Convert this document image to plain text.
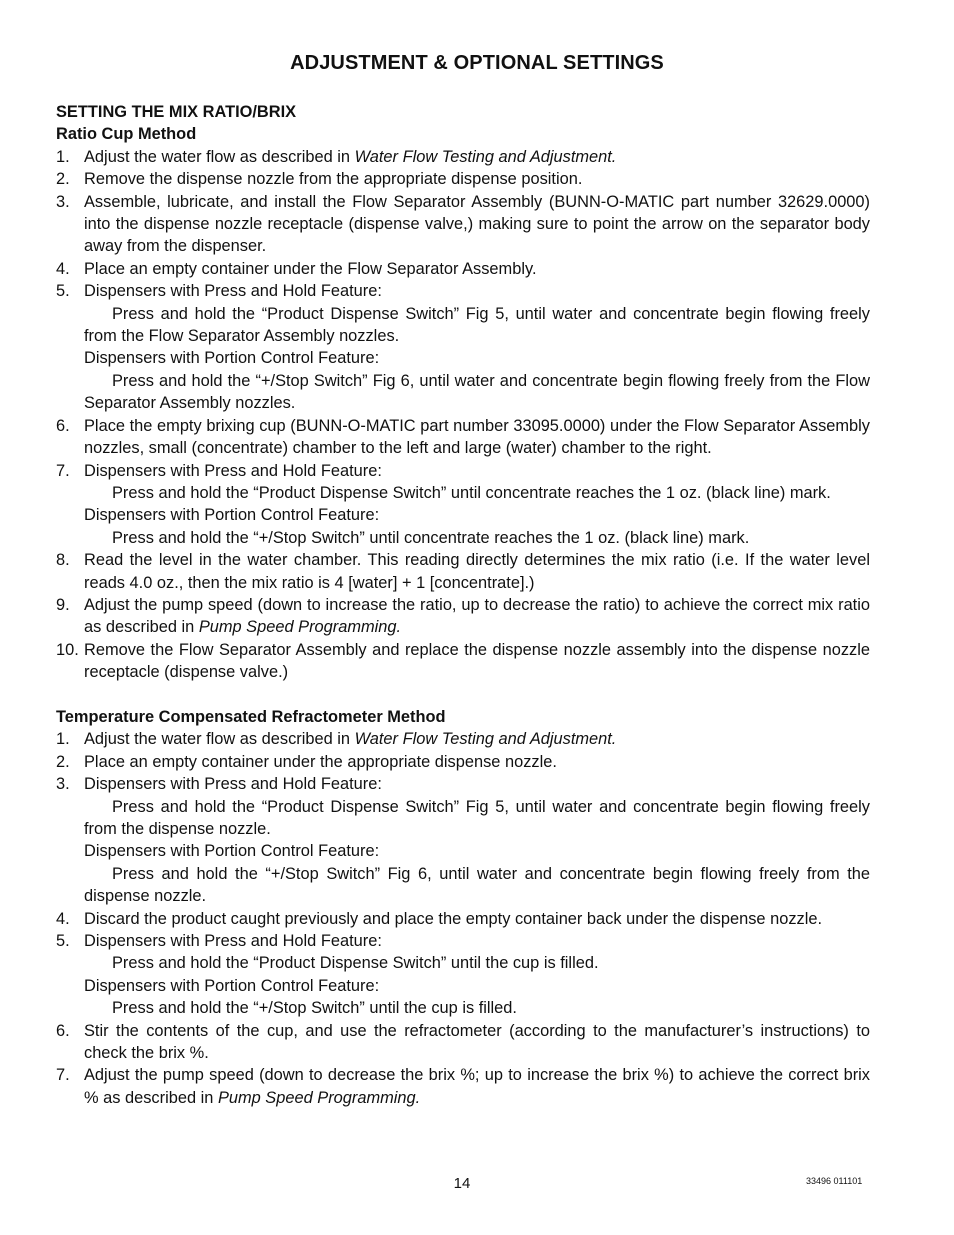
ADJUSTMENT & OPTIONAL SETTINGS
SETTING THE MIX RATIO/BRIX
Ratio Cup Method
1. Adjust the water flow as described in Water Flow Testing and Adjustment.
2. Remove the dispense nozzle from the appropriate dispense position.
3. Assemble, lubricate, and install the Flow Separator Assembly (BUNN-O-MATIC part number 32629.0000) into the dispense nozzle receptacle (dispense valve,) making sure to point the arrow on the separator body away from the dispenser.
4. Place an empty container under the Flow Separator Assembly.
5. Dispensers with Press and Hold Feature:
Press and hold the “Product Dispense Switch” Fig 5, until water and concentrate begin flowing freely from the Flow Separator Assembly nozzles.
Dispensers with Portion Control Feature:
Press and hold the “+/Stop Switch” Fig 6, until water and concentrate begin flowing freely from the Flow Separator Assembly nozzles.
6. Place the empty brixing cup (BUNN-O-MATIC part number 33095.0000) under the Flow Separator Assembly nozzles, small (concentrate) chamber to the left and large (water) chamber to the right.
7. Dispensers with Press and Hold Feature:
Press and hold the “Product Dispense Switch” until concentrate reaches the 1 oz. (black line) mark.
Dispensers with Portion Control Feature:
Press and hold the “+/Stop Switch” until concentrate reaches the 1 oz. (black line) mark.
8. Read the level in the water chamber. This reading directly determines the mix ratio (i.e. If the water level reads 4.0 oz., then the mix ratio is 4 [water] + 1 [concentrate].)
9. Adjust the pump speed (down to increase the ratio, up to decrease the ratio) to achieve the correct mix ratio as described in Pump Speed Programming.
10. Remove the Flow Separator Assembly and replace the dispense nozzle assembly into the dispense nozzle receptacle (dispense valve.)
Temperature Compensated Refractometer Method
1. Adjust the water flow as described in Water Flow Testing and Adjustment.
2. Place an empty container under the appropriate dispense nozzle.
3. Dispensers with Press and Hold Feature:
Press and hold the “Product Dispense Switch” Fig 5, until water and concentrate begin flowing freely from the dispense nozzle.
Dispensers with Portion Control Feature:
Press and hold the “+/Stop Switch” Fig 6, until water and concentrate begin flowing freely from the dispense nozzle.
4. Discard the product caught previously and place the empty container back under the dispense nozzle.
5. Dispensers with Press and Hold Feature:
Press and hold the “Product Dispense Switch” until the cup is filled.
Dispensers with Portion Control Feature:
Press and hold the “+/Stop Switch” until the cup is filled.
6. Stir the contents of the cup, and use the refractometer (according to the manufacturer’s instructions) to check the brix %.
7. Adjust the pump speed (down to decrease the brix %; up to increase the brix %) to achieve the correct brix % as described in Pump Speed Programming.
14	33496 011101
